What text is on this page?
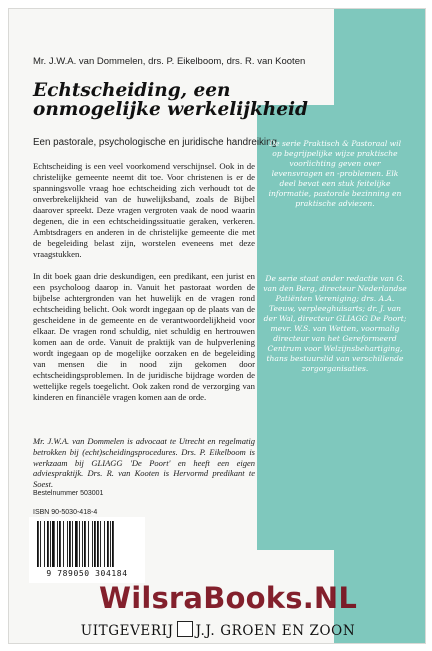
Mr. J.W.A. van Dommelen, drs. P. Eikelboom, drs. R. van Kooten

Echtscheiding, een
onmogelijke werkelijkheid

Een pastorale, psychologische en juridische handreiking

Echtscheiding is een veel voorkomend verschijnsel. Ook in de christelijke gemeente neemt dit toe. Voor christenen is er de spanningsvolle vraag hoe echtscheiding zich verhoudt tot de onverbrekelijkheid van de huwelijksband, zoals de Bijbel daarover spreekt. Deze vragen vergroten vaak de nood waarin degenen, die in een echtscheidingssituatie geraken, verkeren. Ambtsdragers en anderen in de christelijke gemeente die met de begeleiding belast zijn, worstelen eveneens met deze vraagstukken.

In dit boek gaan drie deskundigen, een predikant, een jurist en een psycholoog daarop in. Vanuit het pastoraat worden de bijbelse achtergronden van het huwelijk en de vragen rond echtscheiding belicht. Ook wordt ingegaan op de plaats van de gescheidene in de gemeente en de verantwoordelijkheid voor elkaar. De vragen rond schuldig, niet schuldig en hertrouwen komen aan de orde. Vanuit de praktijk van de hulpverlening wordt ingegaan op de mogelijke oorzaken en de begeleiding van mensen die in nood zijn gekomen door echtscheidingsproblemen. In de juridische bijdrage worden de wettelijke regels toegelicht. Ook zaken rond de verzorging van kinderen en financiële vragen komen aan de orde.

Mr. J.W.A. van Dommelen is advocaat te Utrecht en regelmatig betrokken bij (echt)scheidingsprocedures. Drs. P. Eikelboom is werkzaam bij GLIAGG 'De Poort' en heeft een eigen adviespraktijk. Drs. R. van Kooten is Hervormd predikant te Soest.

De serie Praktisch & Pastoraal wil op begrijpelijke wijze praktische voorlichting geven over levensvragen en -problemen. Elk deel bevat een stuk feitelijke informatie, pastorale bezinning en praktische adviezen.

De serie staat onder redactie van G. van den Berg, directeur Nederlandse Patiënten Vereniging; drs. A.A. Teeuw, verpleeghuisarts; dr. J. van der Wal, directeur GLIAGG De Poort; mevr. W.S. van Wetten, voormalig directeur van het Gereformeerd Centrum voor Welzijnsbehartiging, thans bestuurslid van verschillende zorgorganisaties.

Bestelnummer 503001

ISBN 90-5030-418-4

9 789050 304184

WilsraBooks.NL

UITGEVERIJ J.J. GROEN EN ZOON
